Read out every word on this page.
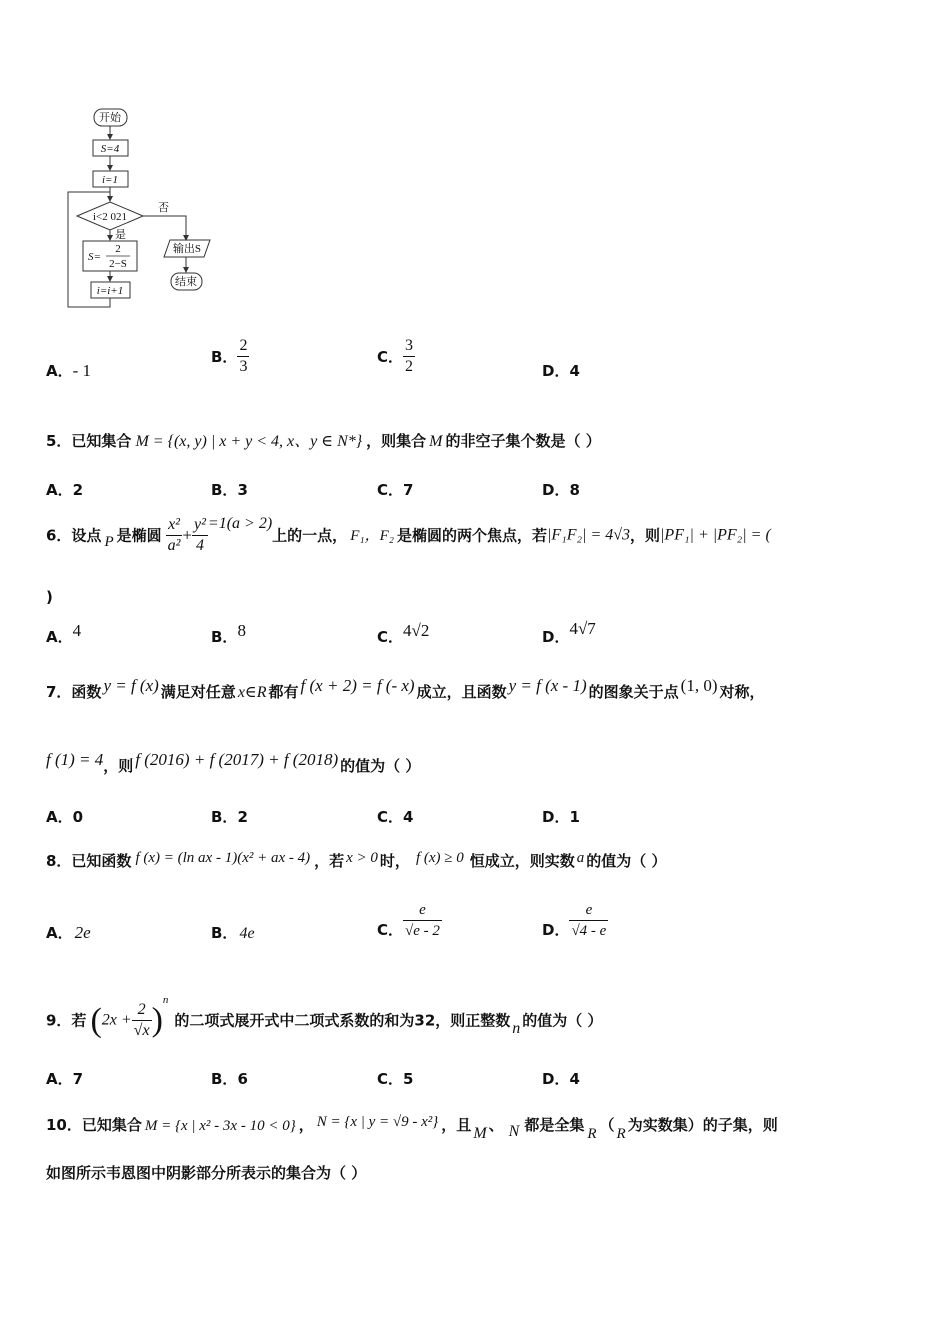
开始
S=4
i=1
i<2 021
否
是
S=
2
2−S
i=i+1
输出S
结束
A．- 1
B． $\frac{2}{3}$	C． $\frac{3}{2}$	D．4
5．已知集合 M = {(x, y) | x + y < 4, x、y ∈ N*} ，则集合 M 的非空子集个数是（ ）
A．2	B．3	C．7	D．8
6．设点 P 是椭圆 $\frac{\text{x²}}{\text{a²}} + \frac{\text{y²}}{4} =1(a > 2)$上的一点， F₁，F₂ 是椭圆的两个焦点，若|F₁F₂| = 4√3，则|PF₁| + |PF₂| = (
)
A．4	B．8	C．4√2	D．4√7
7．函数 y = f (x) 满足对任意 x∈R 都有 f (x + 2) = f (- x) 成立，且函数 y = f (x - 1) 的图象关于点 (1, 0) 对称，
f (1) = 4，则 f (2016) + f (2017) + f (2018) 的值为（ ）
A．0	B．2	C．4	D．1
8．已知函数 f (x) = (ln ax - 1)(x² + ax - 4) ，若 x > 0 时， f (x) ≥ 0 恒成立，则实数 a 的值为（ ）
A． 2e	B． 4e	C． $\frac{e}{√e - 2}$	D． $\frac{e}{√4 - e}$
9．若 $(2x + \frac{2}{√x} )^n$的二项式展开式中二项式系数的和为32，则正整数 n 的值为（ ）
A．7	B．6	C．5	D．4
10．已知集合 M = {x | x² - 3x - 10 < 0} ， N = {x | y = √9 - x²} ，且 M 、 N 都是全集 R （ R 为实数集）的子集，则
如图所示韦恩图中阴影部分所表示的集合为（ ）
